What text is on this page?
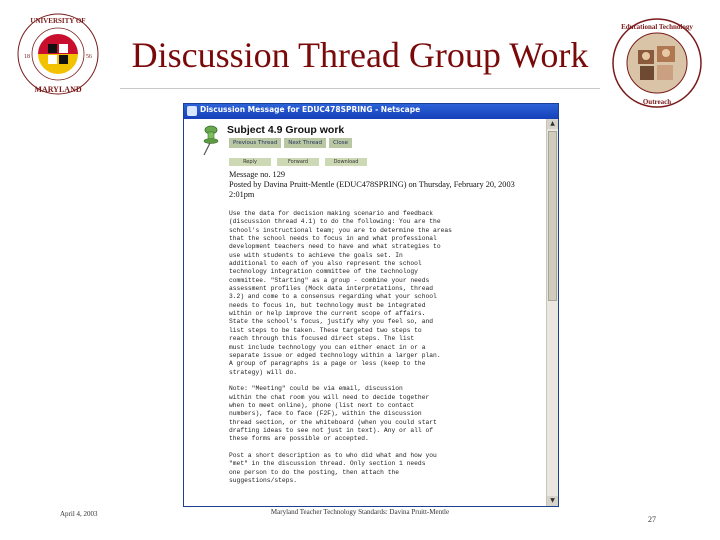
UNIVERSITY OF
MARYLAND
18	56	Discussion Thread Group Work
Educational Technology
Outreach
Discussion Message for EDUC478SPRING - Netscape
Subject 4.9 Group work
Previous Thread	Next Thread	Close
Reply	Forward	Download
Message no. 129
Posted by Davina Pruitt-Mentle (EDUC478SPRING) on Thursday, February 20, 2003
2:01pm
Use the data for decision making scenario and feedback
(discussion thread 4.1) to do the following: You are the
school's instructional team; you are to determine the areas
that the school needs to focus in and what professional
development teachers need to have and what strategies to
use with students to achieve the goals set. In
additional to each of you also represent the school
technology integration committee of the technology
committee. "Starting" as a group - combine your needs
assessment profiles (Mock data interpretations, thread
3.2) and come to a consensus regarding what your school
needs to focus in, but technology must be integrated
within or help improve the current scope of affairs.
State the school's focus, justify why you feel so, and
list steps to be taken. These targeted two steps to
reach through this focused direct steps. The list
must include technology you can either enact in or a
separate issue or edged technology within a larger plan.
A group of paragraphs is a page or less (keep to the
strategy) will do.
Note: "Meeting" could be via email, discussion
within the chat room you will need to decide together
when to meet online), phone (list next to contact
numbers), face to face (F2F), within the discussion
thread section, or the whiteboard (when you could start
drafting ideas to see not just in text). Any or all of
these forms are possible or accepted.
Post a short description as to who did what and how you
"met" in the discussion thread. Only section 1 needs
one person to do the posting, then attach the
suggestions/steps.
▲
▼
April 4, 2003	Maryland Teacher Technology Standards: Davina Pruitt-Mentle
27
